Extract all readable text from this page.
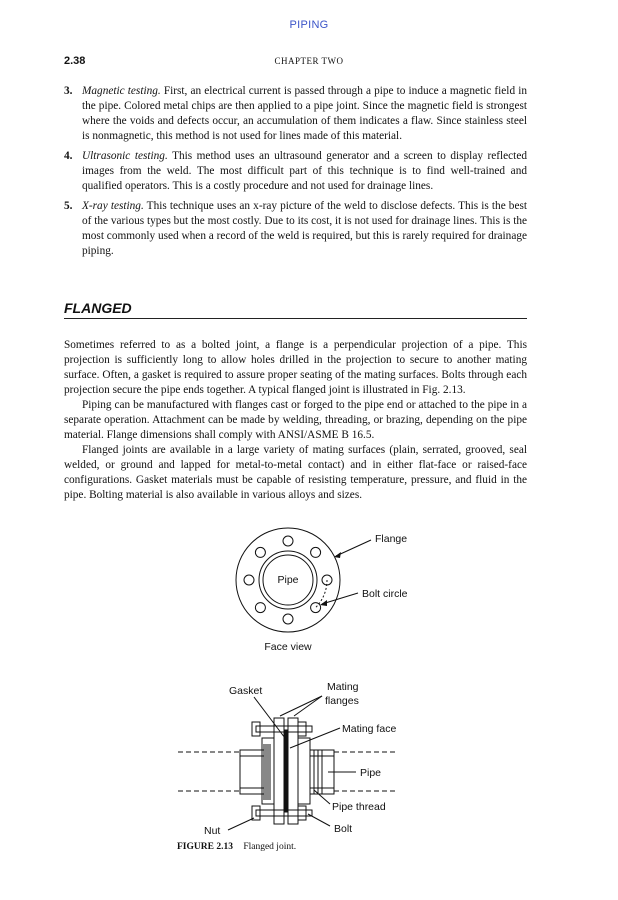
PIPING
2.38	CHAPTER TWO
3. Magnetic testing. First, an electrical current is passed through a pipe to induce a magnetic field in the pipe. Colored metal chips are then applied to a pipe joint. Since the magnetic field is strongest where the voids and defects occur, an accumulation of them indicates a flaw. Since stainless steel is nonmagnetic, this method is not used for lines made of this material.
4. Ultrasonic testing. This method uses an ultrasound generator and a screen to display reflected images from the weld. The most difficult part of this technique is to find well-trained and qualified operators. This is a costly procedure and not used for drainage lines.
5. X-ray testing. This technique uses an x-ray picture of the weld to disclose defects. This is the best of the various types but the most costly. Due to its cost, it is not used for drainage lines. This is the most commonly used when a record of the weld is required, but this is rarely required for drainage piping.
FLANGED

Sometimes referred to as a bolted joint, a flange is a perpendicular projection of a pipe. This projection is sufficiently long to allow holes drilled in the projection to secure to another mating surface. Often, a gasket is required to assure proper seating of the mating surfaces. Bolts through each projection secure the pipe ends together. A typical flanged joint is illustrated in Fig. 2.13.

Piping can be manufactured with flanges cast or forged to the pipe end or attached to the pipe in a separate operation. Attachment can be made by welding, threading, or brazing, depending on the pipe material. Flange dimensions shall comply with ANSI/ASME B 16.5.

Flanged joints are available in a large variety of mating surfaces (plain, serrated, grooved, seal welded, or ground and lapped for metal-to-metal contact) and in either flat-face or raised-face configurations. Gasket materials must be capable of resisting temperature, pressure, and fluid in the pipe. Bolting material is also available in various alloys and sizes.

Pipe
Flange
Bolt circle
Face view
Gasket	Mating
flanges
Mating face
Pipe
Pipe thread
Bolt
Nut
FIGURE 2.13 Flanged joint.
